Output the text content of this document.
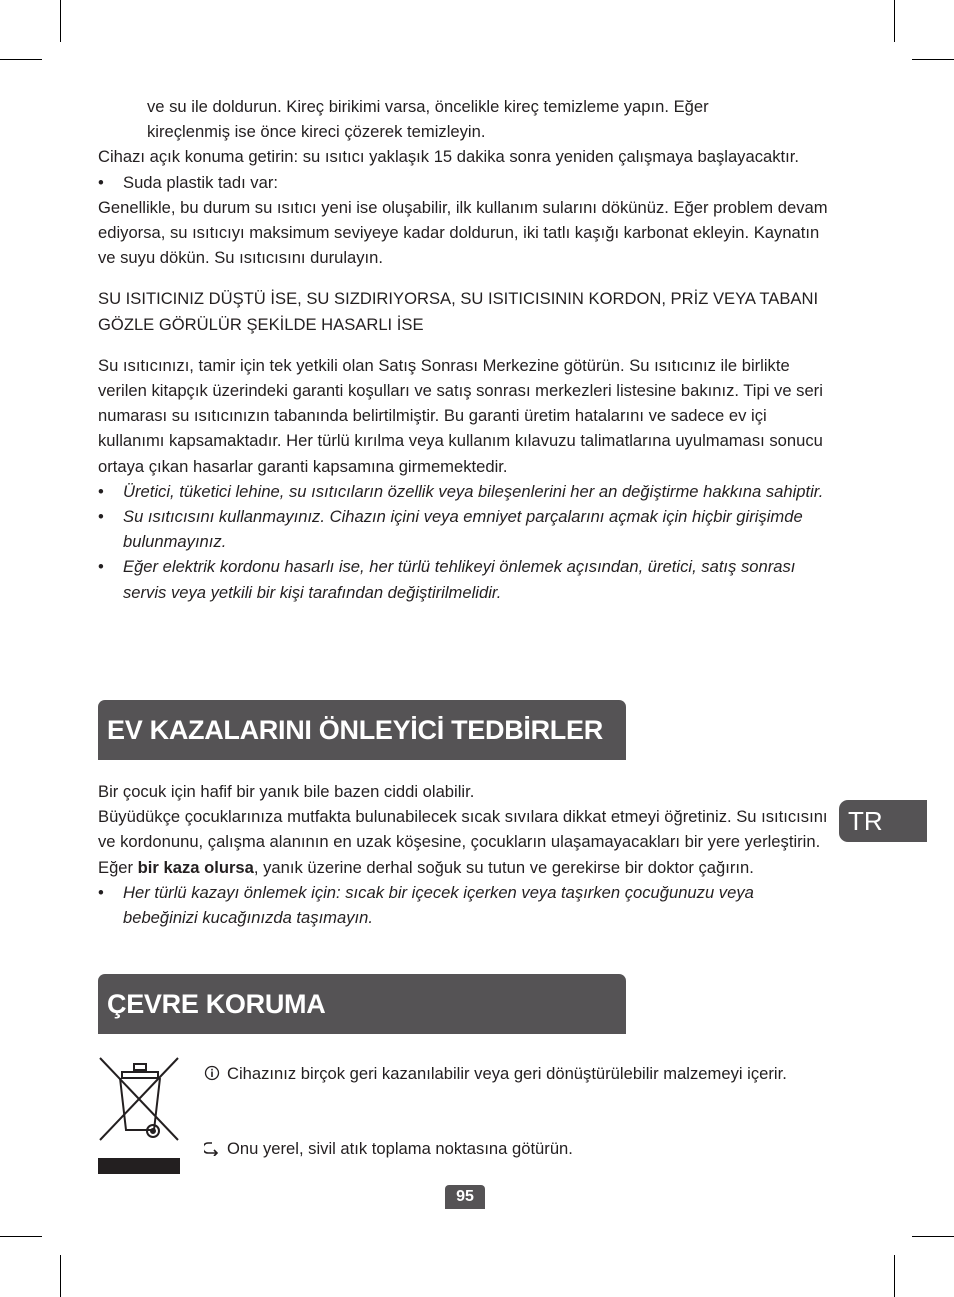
ve su ile doldurun. Kireç birikimi varsa, öncelikle kireç temizleme yapın. Eğer

kireçlenmiş ise önce kireci çözerek temizleyin.

Cihazı açık konuma getirin: su ısıtıcı yaklaşık 15 dakika sonra yeniden çalışmaya başlayacaktır.

• Suda plastik tadı var:

Genellikle, bu durum su ısıtıcı yeni ise oluşabilir, ilk kullanım sularını dökünüz. Eğer problem devam ediyorsa, su ısıtıcıyı maksimum seviyeye kadar doldurun, iki tatlı kaşığı karbonat ekleyin. Kaynatın ve suyu dökün. Su ısıtıcısını durulayın.

SU ISITICINIZ DÜŞTÜ İSE, SU SIZDIRIYORSA, SU ISITICISININ KORDON, PRİZ VEYA TABANI GÖZLE GÖRÜLÜR ŞEKİLDE HASARLI İSE

Su ısıtıcınızı, tamir için tek yetkili olan Satış Sonrası Merkezine götürün. Su ısıtıcınız ile birlikte verilen kitapçık üzerindeki garanti koşulları ve satış sonrası merkezleri listesine bakınız. Tipi ve seri numarası su ısıtıcınızın tabanında belirtilmiştir. Bu garanti üretim hatalarını ve sadece ev içi kullanımı kapsamaktadır. Her türlü kırılma veya kullanım kılavuzu talimatlarına uyulmaması sonucu ortaya çıkan hasarlar garanti kapsamına girmemektedir.

• Üretici, tüketici lehine, su ısıtıcıların özellik veya bileşenlerini her an değiştirme hakkına sahiptir.

• Su ısıtıcısını kullanmayınız. Cihazın içini veya emniyet parçalarını açmak için hiçbir girişimde bulunmayınız.

• Eğer elektrik kordonu hasarlı ise, her türlü tehlikeyi önlemek açısından, üretici, satış sonrası servis veya yetkili bir kişi tarafından değiştirilmelidir.

EV KAZALARINI ÖNLEYİCİ TEDBİRLER

Bir çocuk için hafif bir yanık bile bazen ciddi olabilir.

Büyüdükçe çocuklarınıza mutfakta bulunabilecek sıcak sıvılara dikkat etmeyi öğretiniz. Su ısıtıcısını ve kordonunu, çalışma alanının en uzak köşesine, çocukların ulaşamayacakları bir yere yerleştirin.

Eğer bir kaza olursa, yanık üzerine derhal soğuk su tutun ve gerekirse bir doktor çağırın.

• Her türlü kazayı önlemek için: sıcak bir içecek içerken veya taşırken çocuğunuzu veya bebeğinizi kucağınızda taşımayın.

TR
ÇEVRE KORUMA
Cihazınız birçok geri kazanılabilir veya geri dönüştürülebilir malzemeyi içerir.
Onu yerel, sivil atık toplama noktasına götürün.
95
